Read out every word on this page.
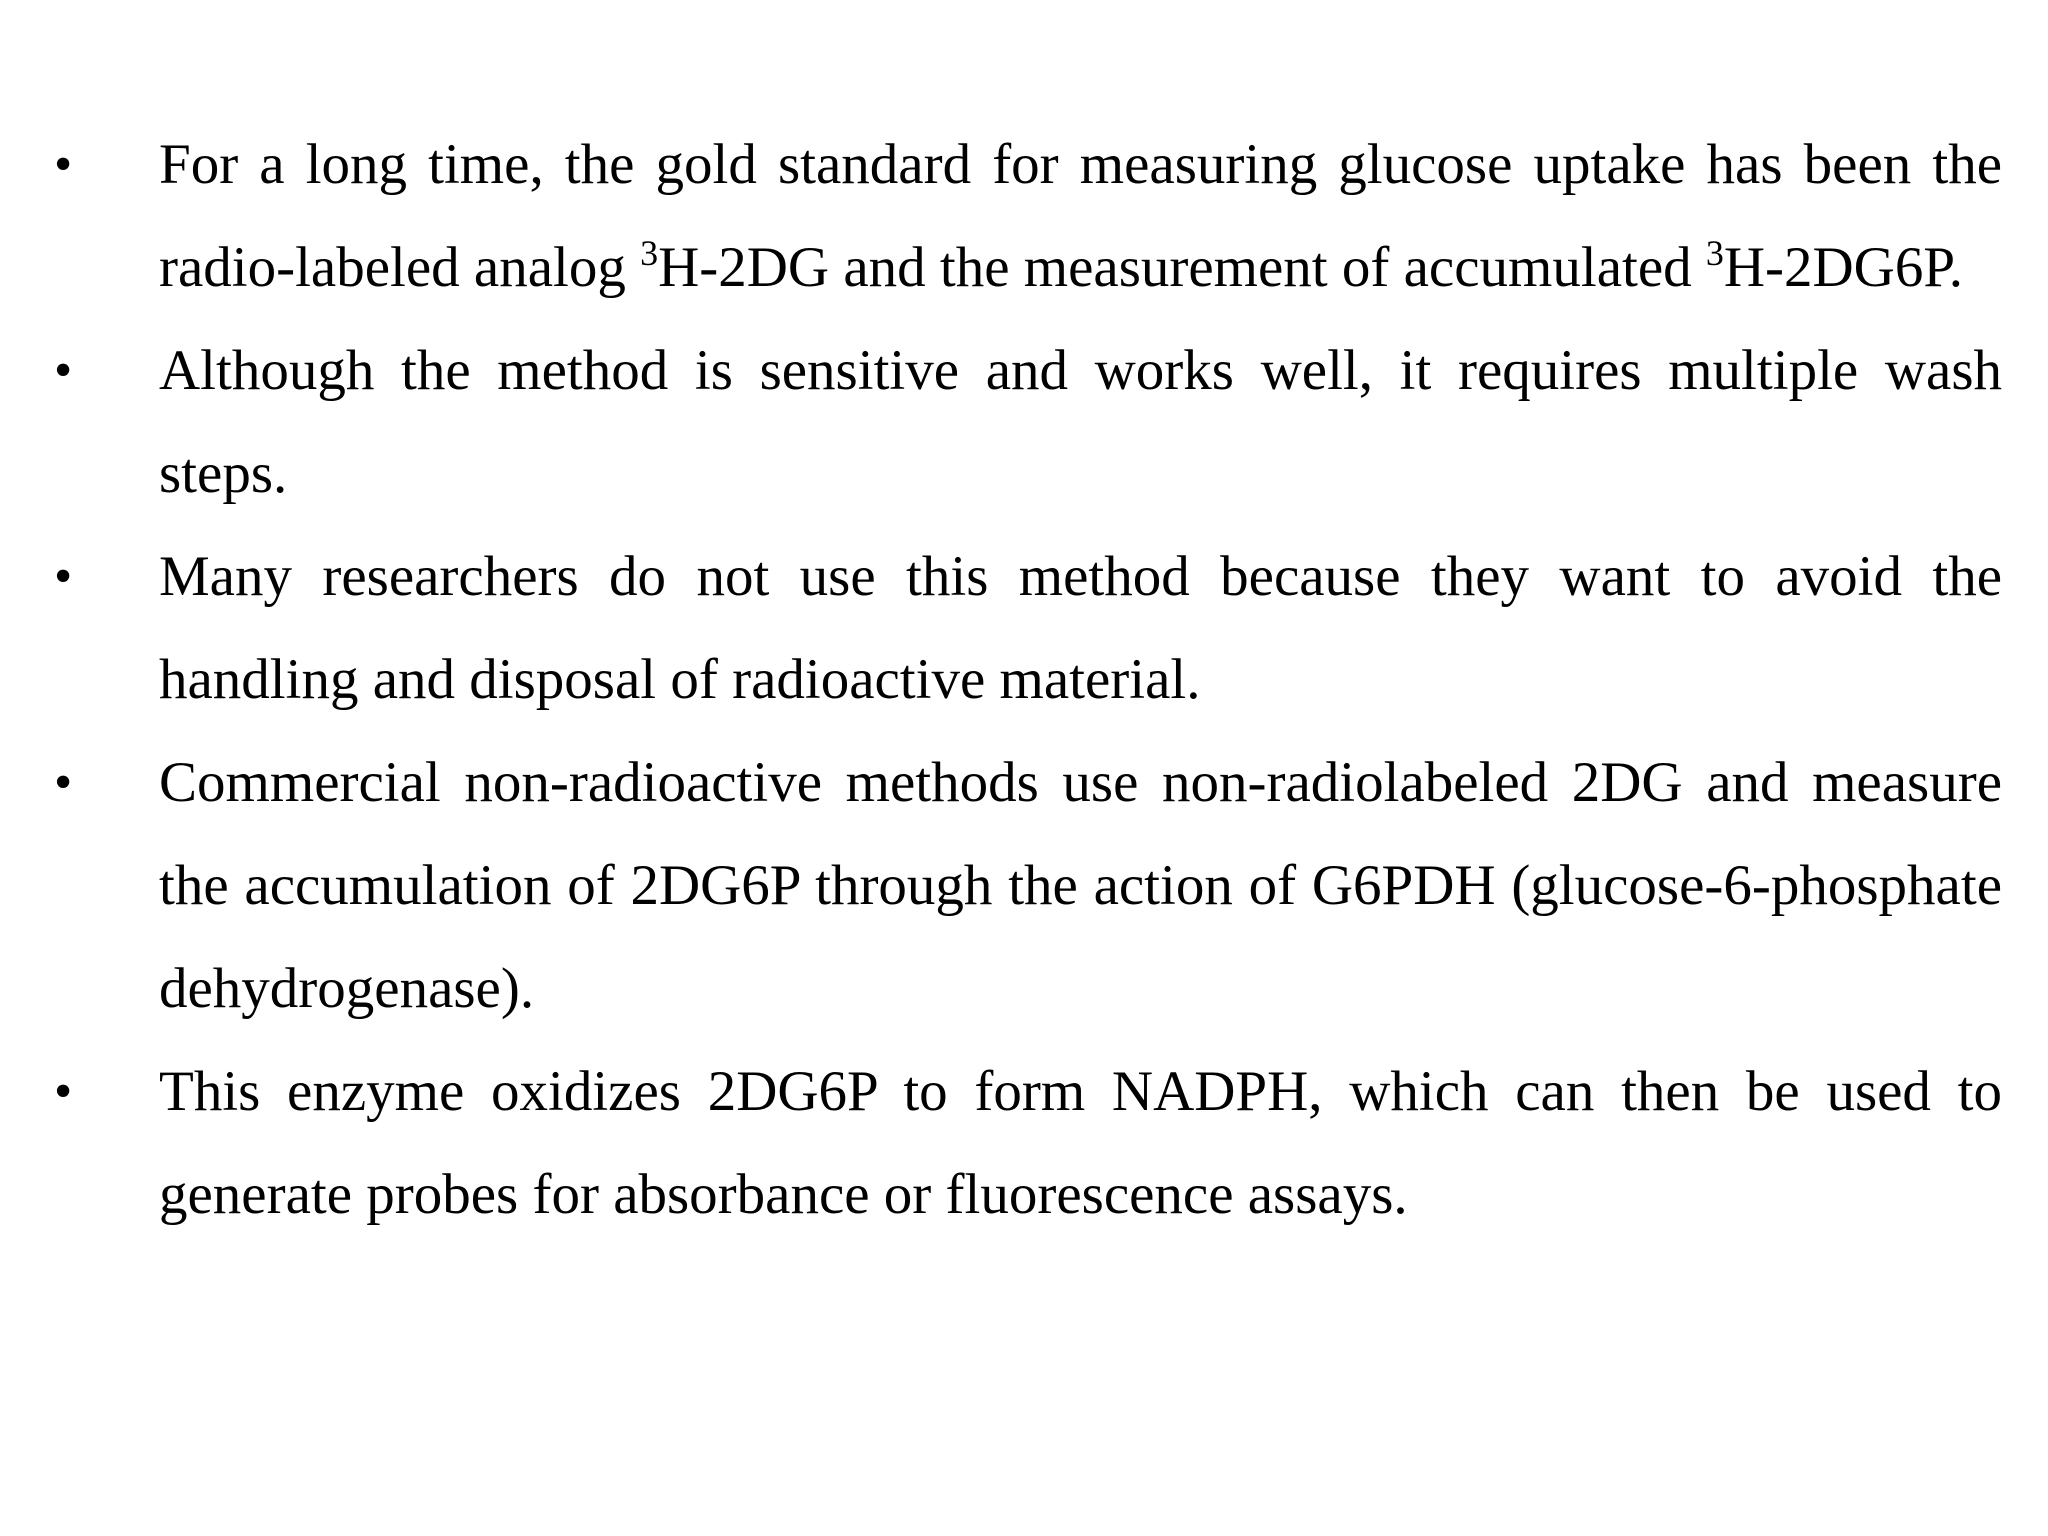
•	For a long time, the gold standard for measuring glucose uptake has been the radio-labeled analog $^3$H-2DG and the measurement of accumulated $^3$H-2DG6P.
•	Although the method is sensitive and works well, it requires multiple wash steps.
•	Many researchers do not use this method because they want to avoid the handling and disposal of radioactive material.
•	Commercial non-radioactive methods use non-radiolabeled 2DG and measure the accumulation of 2DG6P through the action of G6PDH (glucose-6-phosphate dehydrogenase).
•	This enzyme oxidizes 2DG6P to form NADPH, which can then be used to generate probes for absorbance or fluorescence assays.
